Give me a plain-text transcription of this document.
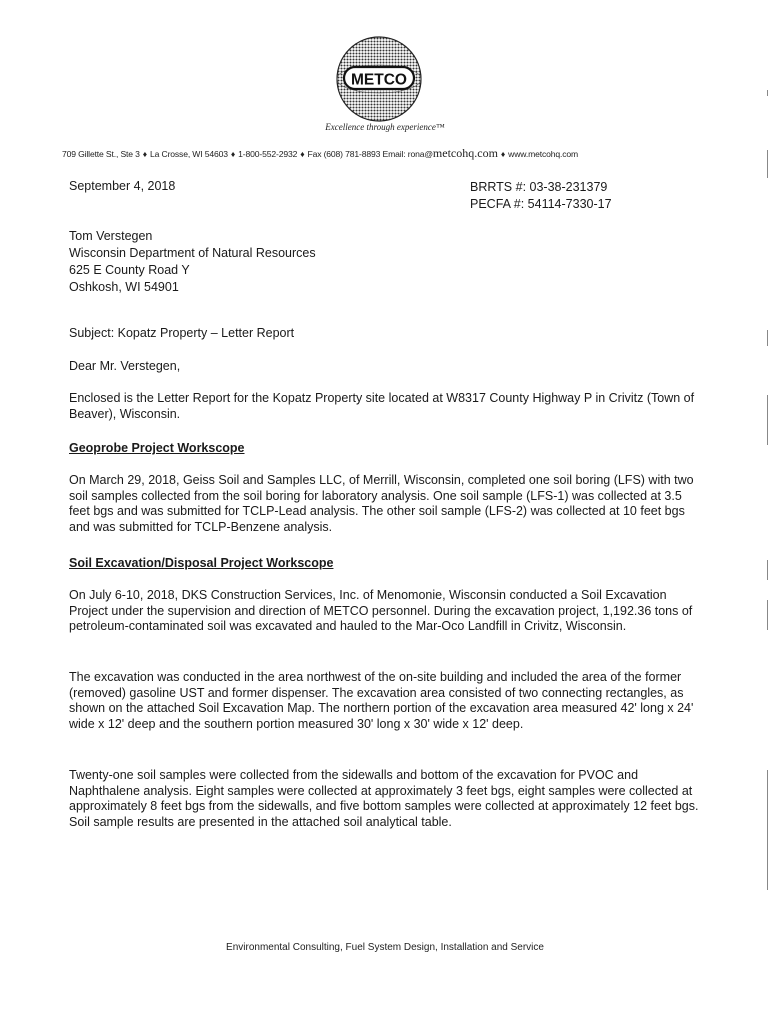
METCO
Excellence through experience™
709 Gillette St., Ste 3 ♦ La Crosse, WI 54603 ♦ 1-800-552-2932 ♦ Fax (608) 781-8893 Email: rona@metcohq.com ♦ www.metcohq.com
September 4, 2018	BRRTS #: 03-38-231379
PECFA #: 54114-7330-17
Tom Verstegen
Wisconsin Department of Natural Resources
625 E County Road Y
Oshkosh, WI 54901
Subject: Kopatz Property – Letter Report
Dear Mr. Verstegen,

Enclosed is the Letter Report for the Kopatz Property site located at W8317 County Highway P in Crivitz (Town of Beaver), Wisconsin.

Geoprobe Project Workscope

On March 29, 2018, Geiss Soil and Samples LLC, of Merrill, Wisconsin, completed one soil boring (LFS) with two soil samples collected from the soil boring for laboratory analysis. One soil sample (LFS-1) was collected at 3.5 feet bgs and was submitted for TCLP-Lead analysis. The other soil sample (LFS-2) was collected at 10 feet bgs and was submitted for TCLP-Benzene analysis.

Soil Excavation/Disposal Project Workscope

On July 6-10, 2018, DKS Construction Services, Inc. of Menomonie, Wisconsin conducted a Soil Excavation Project under the supervision and direction of METCO personnel. During the excavation project, 1,192.36 tons of petroleum-contaminated soil was excavated and hauled to the Mar-Oco Landfill in Crivitz, Wisconsin.

The excavation was conducted in the area northwest of the on-site building and included the area of the former (removed) gasoline UST and former dispenser. The excavation area consisted of two connecting rectangles, as shown on the attached Soil Excavation Map. The northern portion of the excavation area measured 42' long x 24' wide x 12' deep and the southern portion measured 30' long x 30' wide x 12' deep.

Twenty-one soil samples were collected from the sidewalls and bottom of the excavation for PVOC and Naphthalene analysis. Eight samples were collected at approximately 3 feet bgs, eight samples were collected at approximately 8 feet bgs from the sidewalls, and five bottom samples were collected at approximately 12 feet bgs. Soil sample results are presented in the attached soil analytical table.

Environmental Consulting, Fuel System Design, Installation and Service
